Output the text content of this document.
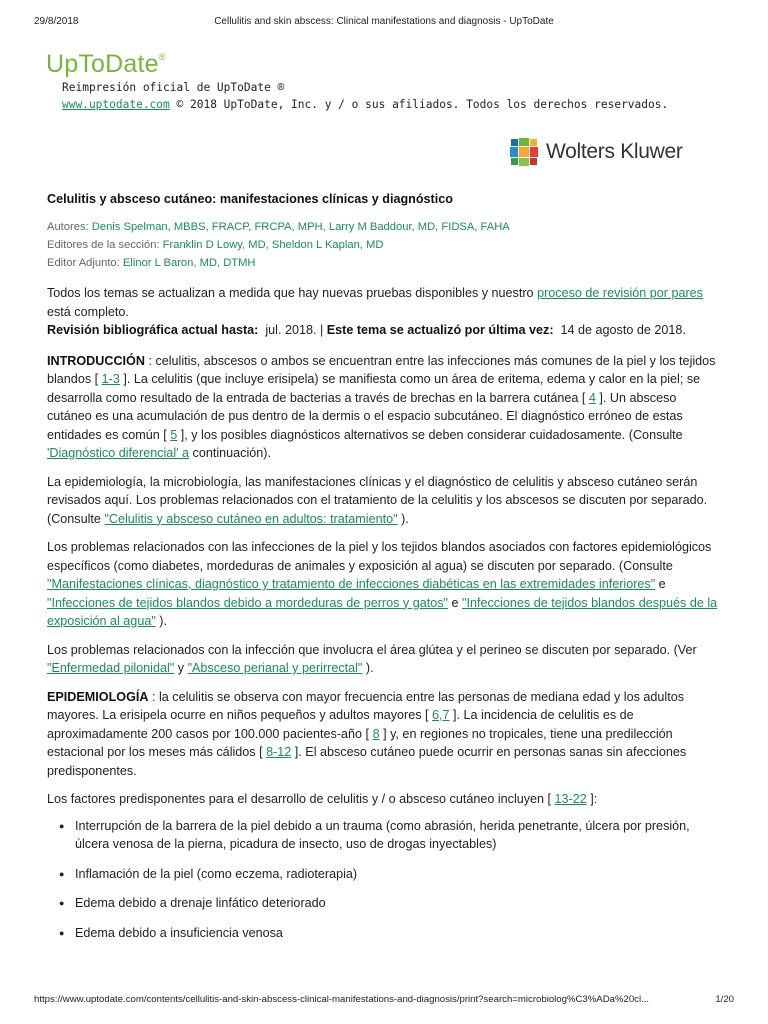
29/8/2018	Cellulitis and skin abscess: Clinical manifestations and diagnosis - UpToDate
UpToDate®
Reimpresión oficial de UpToDate ®
www.uptodate.com © 2018 UpToDate, Inc. y / o sus afiliados. Todos los derechos reservados.
Wolters Kluwer
Celulitis y absceso cutáneo: manifestaciones clínicas y diagnóstico
Autores: Denis Spelman, MBBS, FRACP, FRCPA, MPH, Larry M Baddour, MD, FIDSA, FAHA
Editores de la sección: Franklin D Lowy, MD, Sheldon L Kaplan, MD
Editor Adjunto: Elinor L Baron, MD, DTMH

Todos los temas se actualizan a medida que hay nuevas pruebas disponibles y nuestro proceso de revisión por pares está completo.
Revisión bibliográfica actual hasta: jul. 2018. | Este tema se actualizó por última vez: 14 de agosto de 2018.

INTRODUCCIÓN : celulitis, abscesos o ambos se encuentran entre las infecciones más comunes de la piel y los tejidos blandos [ 1-3 ]. La celulitis (que incluye erisipela) se manifiesta como un área de eritema, edema y calor en la piel; se desarrolla como resultado de la entrada de bacterias a través de brechas en la barrera cutánea [ 4 ]. Un absceso cutáneo es una acumulación de pus dentro de la dermis o el espacio subcutáneo. El diagnóstico erróneo de estas entidades es común [ 5 ], y los posibles diagnósticos alternativos se deben considerar cuidadosamente. (Consulte 'Diagnóstico diferencial' a continuación).

La epidemiología, la microbiología, las manifestaciones clínicas y el diagnóstico de celulitis y absceso cutáneo serán revisados aquí. Los problemas relacionados con el tratamiento de la celulitis y los abscesos se discuten por separado. (Consulte "Celulitis y absceso cutáneo en adultos: tratamiento" ).

Los problemas relacionados con las infecciones de la piel y los tejidos blandos asociados con factores epidemiológicos específicos (como diabetes, mordeduras de animales y exposición al agua) se discuten por separado. (Consulte "Manifestaciones clínicas, diagnóstico y tratamiento de infecciones diabéticas en las extremidades inferiores" e "Infecciones de tejidos blandos debido a mordeduras de perros y gatos" e "Infecciones de tejidos blandos después de la exposición al agua" ).

Los problemas relacionados con la infección que involucra el área glútea y el perineo se discuten por separado. (Ver "Enfermedad pilonidal" y "Absceso perianal y perirrectal" ).

EPIDEMIOLOGÍA : la celulitis se observa con mayor frecuencia entre las personas de mediana edad y los adultos mayores. La erisipela ocurre en niños pequeños y adultos mayores [ 6,7 ]. La incidencia de celulitis es de aproximadamente 200 casos por 100.000 pacientes-año [ 8 ] y, en regiones no tropicales, tiene una predilección estacional por los meses más cálidos [ 8-12 ]. El absceso cutáneo puede ocurrir en personas sanas sin afecciones predisponentes.

Los factores predisponentes para el desarrollo de celulitis y / o absceso cutáneo incluyen [ 13-22 ]:

● Interrupción de la barrera de la piel debido a un trauma (como abrasión, herida penetrante, úlcera por presión, úlcera venosa de la pierna, picadura de insecto, uso de drogas inyectables)
● Inflamación de la piel (como eczema, radioterapia)
● Edema debido a drenaje linfático deteriorado
● Edema debido a insuficiencia venosa
https://www.uptodate.com/contents/cellulitis-and-skin-abscess-clinical-manifestations-and-diagnosis/print?search=microbiolog%C3%ADa%20cl...	1/20
